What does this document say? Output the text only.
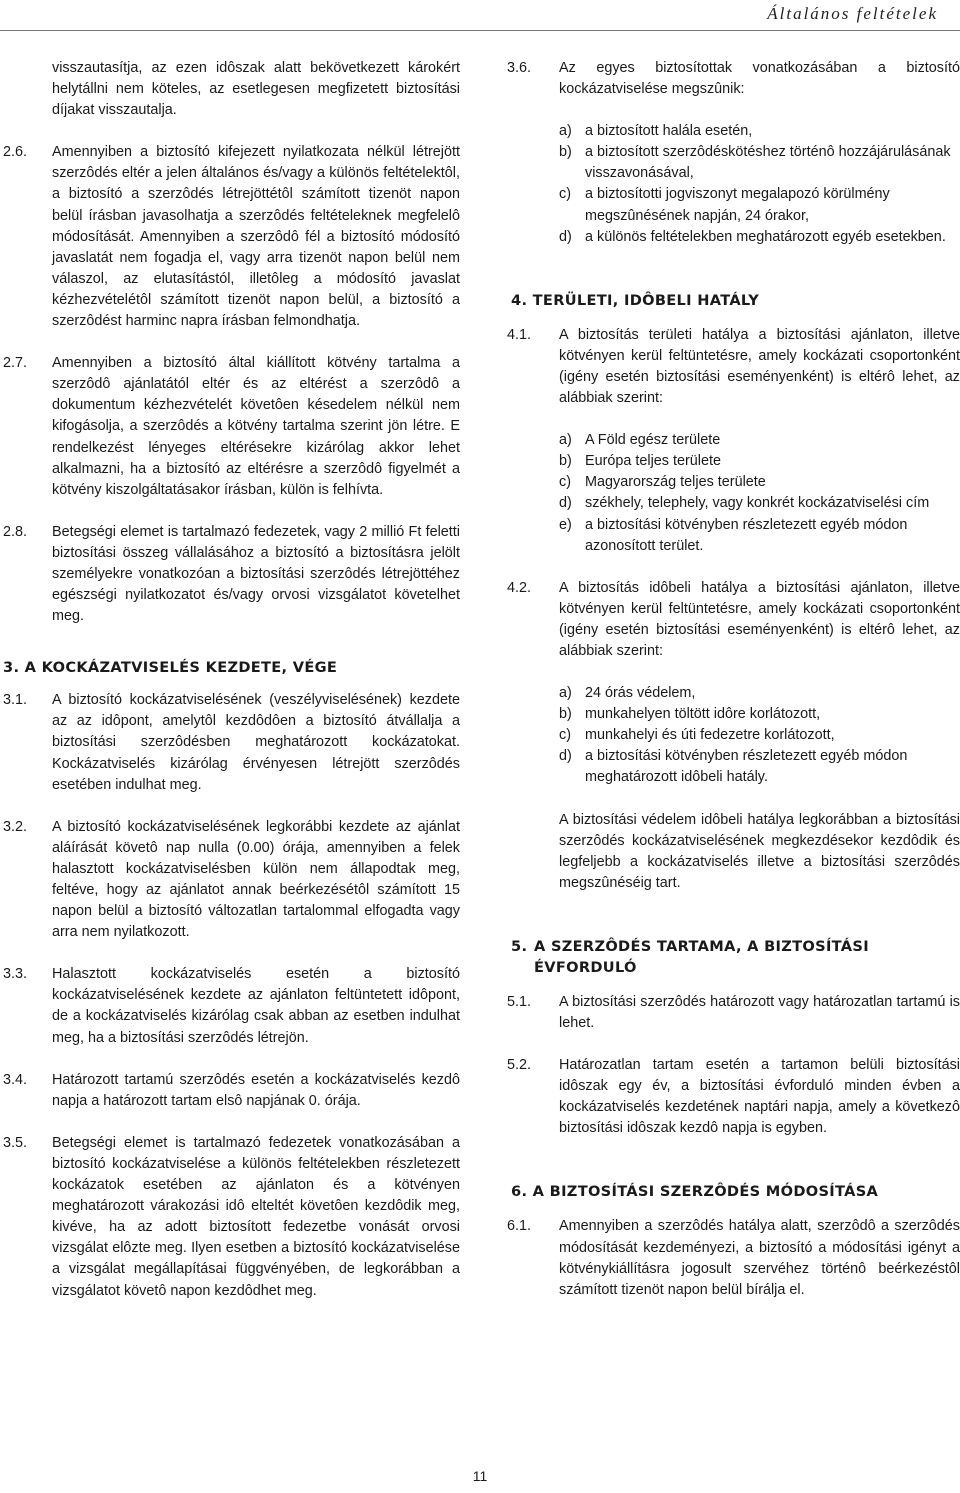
Általános feltételek
visszautasítja, az ezen idôszak alatt bekövetkezett károkért helytállni nem köteles, az esetlegesen megfizetett biztosítási díjakat visszautalja.
2.6. Amennyiben a biztosító kifejezett nyilatkozata nélkül létrejött szerzôdés eltér a jelen általános és/vagy a különös feltételektôl, a biztosító a szerzôdés létrejöttétôl számított tizenöt napon belül írásban javasolhatja a szerzôdés feltételeknek megfelelô módosítását. Amennyiben a szerzôdô fél a biztosító módosító javaslatát nem fogadja el, vagy arra tizenöt napon belül nem válaszol, az elutasítástól, illetôleg a módosító javaslat kézhezvételétôl számított tizenöt napon belül, a biztosító a szerzôdést harminc napra írásban felmondhatja.
2.7. Amennyiben a biztosító által kiállított kötvény tartalma a szerzôdô ajánlatától eltér és az eltérést a szerzôdô a dokumentum kézhezvételét követôen késedelem nélkül nem kifogásolja, a szerzôdés a kötvény tartalma szerint jön létre. E rendelkezést lényeges eltérésekre kizárólag akkor lehet alkalmazni, ha a biztosító az eltérésre a szerzôdô figyelmét a kötvény kiszolgáltatásakor írásban, külön is felhívta.
2.8. Betegségi elemet is tartalmazó fedezetek, vagy 2 millió Ft feletti biztosítási összeg vállalásához a biztosító a biztosításra jelölt személyekre vonatkozóan a biztosítási szerzôdés létrejöttéhez egészségi nyilatkozatot és/vagy orvosi vizsgálatot követelhet meg.
3. A KOCKÁZATVISELÉS KEZDETE, VÉGE
3.1. A biztosító kockázatviselésének (veszélyviselésének) kezdete az az idôpont, amelytôl kezdôdôen a biztosító átvállalja a biztosítási szerzôdésben meghatározott kockázatokat. Kockázatviselés kizárólag érvényesen létrejött szerzôdés esetében indulhat meg.
3.2. A biztosító kockázatviselésének legkorábbi kezdete az ajánlat aláírását követô nap nulla (0.00) órája, amennyiben a felek halasztott kockázatviselésben külön nem állapodtak meg, feltéve, hogy az ajánlatot annak beérkezésétôl számított 15 napon belül a biztosító változatlan tartalommal elfogadta vagy arra nem nyilatkozott.
3.3. Halasztott kockázatviselés esetén a biztosító kockázatviselésének kezdete az ajánlaton feltüntetett idôpont, de a kockázatviselés kizárólag csak abban az esetben indulhat meg, ha a biztosítási szerzôdés létrejön.
3.4. Határozott tartamú szerzôdés esetén a kockázatviselés kezdô napja a határozott tartam elsô napjának 0. órája.
3.5. Betegségi elemet is tartalmazó fedezetek vonatkozásában a biztosító kockázatviselése a különös feltételekben részletezett kockázatok esetében az ajánlaton és a kötvényen meghatározott várakozási idô elteltét követôen kezdôdik meg, kivéve, ha az adott biztosított fedezetbe vonását orvosi vizsgálat elôzte meg. Ilyen esetben a biztosító kockázatviselése a vizsgálat megállapításai függvényében, de legkorábban a vizsgálatot követô napon kezdôdhet meg.
3.6. Az egyes biztosítottak vonatkozásában a biztosító kockázatviselése megszûnik:
a) a biztosított halála esetén,
b) a biztosított szerzôdéskötéshez történô hozzájárulásának visszavonásával,
c) a biztosítotti jogviszonyt megalapozó körülmény megszûnésének napján, 24 órakor,
d) a különös feltételekben meghatározott egyéb esetekben.
4. TERÜLETI, IDÔBELI HATÁLY
4.1. A biztosítás területi hatálya a biztosítási ajánlaton, illetve kötvényen kerül feltüntetésre, amely kockázati csoportonként (igény esetén biztosítási eseményenként) is eltérô lehet, az alábbiak szerint:
a) A Föld egész területe
b) Európa teljes területe
c) Magyarország teljes területe
d) székhely, telephely, vagy konkrét kockázatviselési cím
e) a biztosítási kötvényben részletezett egyéb módon azonosított terület.
4.2. A biztosítás idôbeli hatálya a biztosítási ajánlaton, illetve kötvényen kerül feltüntetésre, amely kockázati csoportonként (igény esetén biztosítási eseményenként) is eltérô lehet, az alábbiak szerint:
a) 24 órás védelem,
b) munkahelyen töltött idôre korlátozott,
c) munkahelyi és úti fedezetre korlátozott,
d) a biztosítási kötvényben részletezett egyéb módon meghatározott idôbeli hatály.
A biztosítási védelem idôbeli hatálya legkorábban a biztosítási szerzôdés kockázatviselésének megkezdésekor kezdôdik és legfeljebb a kockázatviselés illetve a biztosítási szerzôdés megszûnéséig tart.
5. A SZERZÔDÉS TARTAMA, A BIZTOSÍTÁSI ÉVFORDULÓ
5.1. A biztosítási szerzôdés határozott vagy határozatlan tartamú is lehet.
5.2. Határozatlan tartam esetén a tartamon belüli biztosítási idôszak egy év, a biztosítási évforduló minden évben a kockázatviselés kezdetének naptári napja, amely a következô biztosítási idôszak kezdô napja is egyben.
6. A BIZTOSÍTÁSI SZERZÔDÉS MÓDOSÍTÁSA
6.1. Amennyiben a szerzôdés hatálya alatt, szerzôdô a szerzôdés módosítását kezdeményezi, a biztosító a módosítási igényt a kötvénykiállításra jogosult szervéhez történô beérkezéstôl számított tizenöt napon belül bírálja el.
11
